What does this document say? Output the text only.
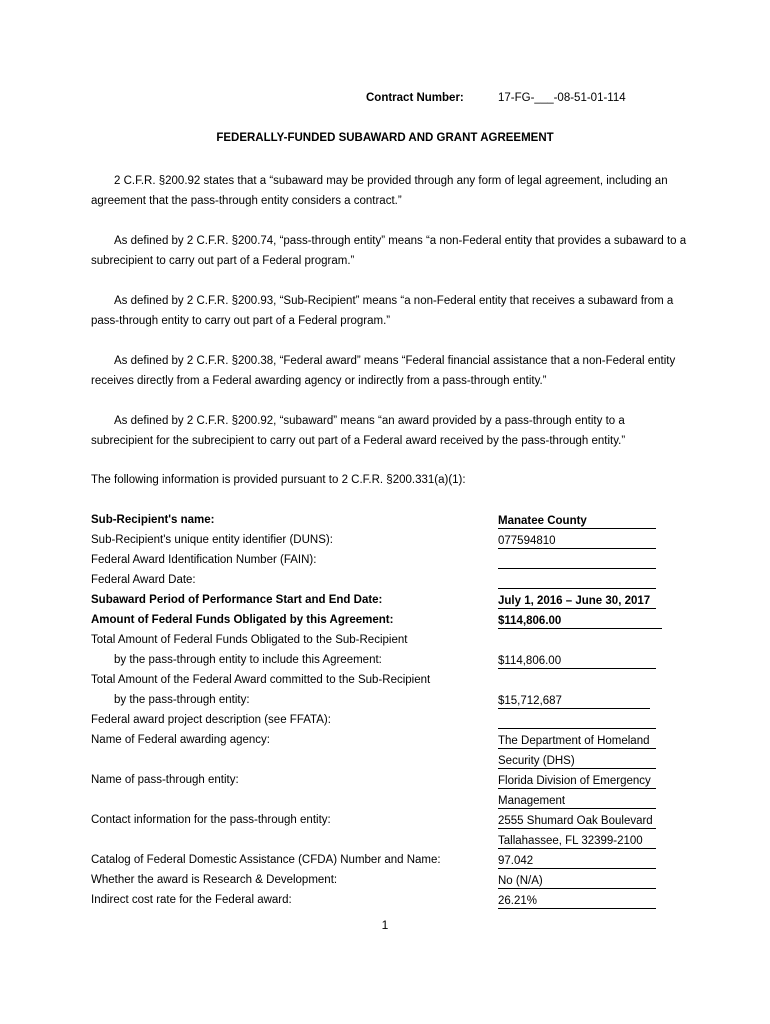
Contract Number:	17-FG-___-08-51-01-114
FEDERALLY-FUNDED SUBAWARD AND GRANT AGREEMENT
2 C.F.R. §200.92 states that a “subaward may be provided through any form of legal agreement, including an
agreement that the pass-through entity considers a contract.”
As defined by 2 C.F.R. §200.74, “pass-through entity” means “a non-Federal entity that provides a subaward to a
subrecipient to carry out part of a Federal program.”
As defined by 2 C.F.R. §200.93, “Sub-Recipient” means “a non-Federal entity that receives a subaward from a
pass-through entity to carry out part of a Federal program.”
As defined by 2 C.F.R. §200.38, “Federal award” means “Federal financial assistance that a non-Federal entity
receives directly from a Federal awarding agency or indirectly from a pass-through entity.”
As defined by 2 C.F.R. §200.92, “subaward” means “an award provided by a pass-through entity to a
subrecipient for the subrecipient to carry out part of a Federal award received by the pass-through entity.”
The following information is provided pursuant to 2 C.F.R. §200.331(a)(1):
Sub-Recipient's name:	Manatee County
Sub-Recipient's unique entity identifier (DUNS):	077594810
Federal Award Identification Number (FAIN):
Federal Award Date:
Subaward Period of Performance Start and End Date:	July 1, 2016 – June 30, 2017
Amount of Federal Funds Obligated by this Agreement:	$114,806.00
Total Amount of Federal Funds Obligated to the Sub-Recipient
by the pass-through entity to include this Agreement:	$114,806.00
Total Amount of the Federal Award committed to the Sub-Recipient
by the pass-through entity:	$15,712,687
Federal award project description (see FFATA):
Name of Federal awarding agency:	The Department of Homeland
Security (DHS)
Name of pass-through entity:	Florida Division of Emergency
Management
Contact information for the pass-through entity:	2555 Shumard Oak Boulevard
Tallahassee, FL 32399-2100
Catalog of Federal Domestic Assistance (CFDA) Number and Name:	97.042
Whether the award is Research & Development:	No (N/A)
Indirect cost rate for the Federal award:	26.21%
1
